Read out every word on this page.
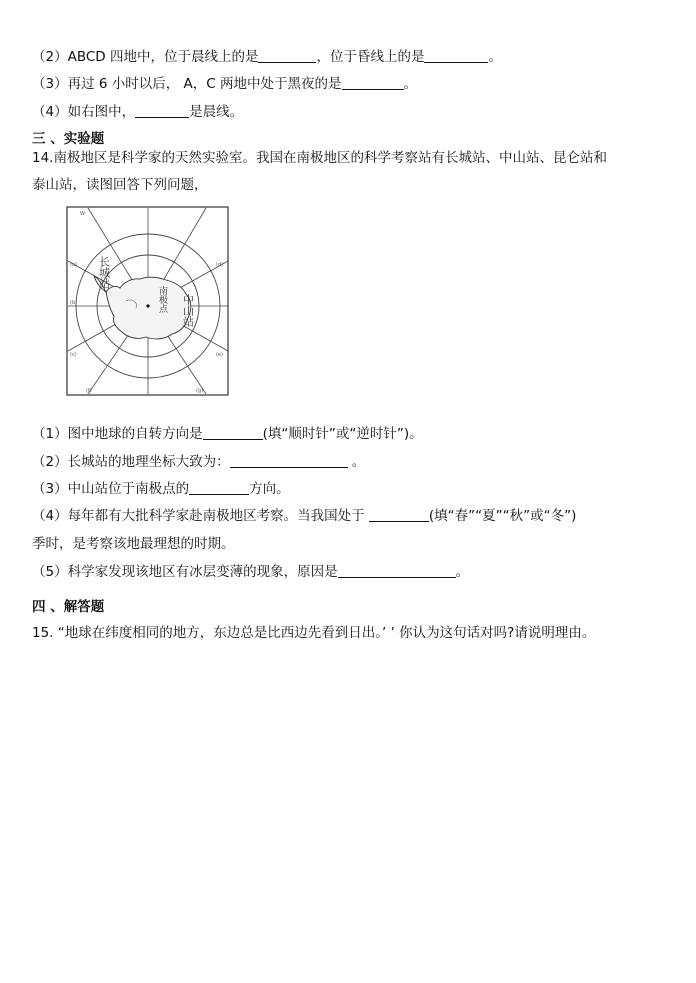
（2）ABCD 四地中，位于晨线上的是	，位于昏线上的是	。
（3）再过 6 小时以后， A，C 两地中处于黑夜的是	。
（4）如右图中，	是晨线。
三 、实验题
14.南极地区是科学家的天然实验室。我国在南极地区的科学考察站有长城站、中山站、昆仑站和
泰山站，读图回答下列问题，
长城站
中山站
南极点
W
(a)
(b)
(c)
(d)
(e)
(f)	(g)
（1）图中地球的自转方向是	(填“顺时针”或“逆时针”)。
（2）长城站的地理坐标大致为：	。
（3）中山站位于南极点的	方向。
（4）每年都有大批科学家赴南极地区考察。当我国处于	(填“春”“夏”“秋”或“冬”)
季时，是考察该地最理想的时期。
（5）科学家发现该地区有冰层变薄的现象，原因是	。
四 、解答题
15. “地球在纬度相同的地方，东边总是比西边先看到日出。’ ’ 你认为这句话对吗?请说明理由。
